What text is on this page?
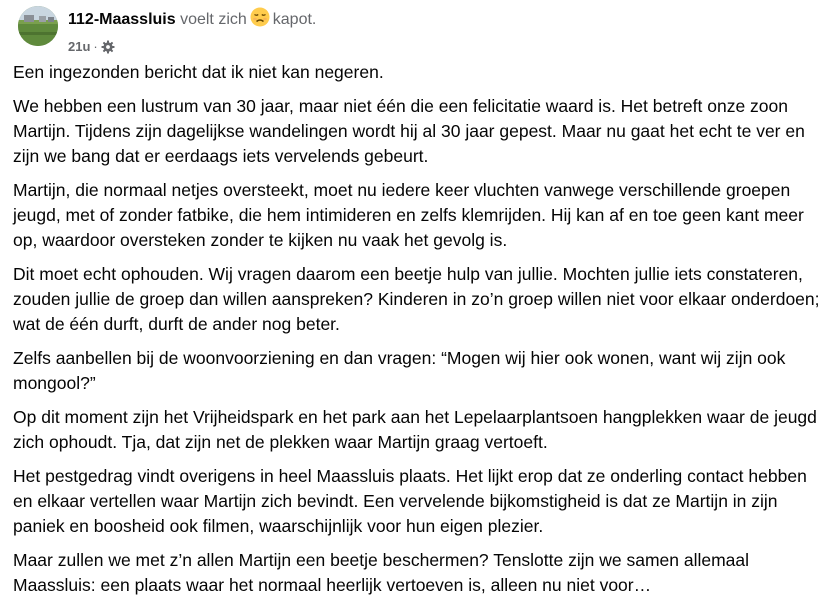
112-Maassluis voelt zich kapot.
21u ·

Een ingezonden bericht dat ik niet kan negeren.

We hebben een lustrum van 30 jaar, maar niet één die een felicitatie waard is. Het betreft onze zoon Martijn. Tijdens zijn dagelijkse wandelingen wordt hij al 30 jaar gepest. Maar nu gaat het echt te ver en zijn we bang dat er eerdaags iets vervelends gebeurt.

Martijn, die normaal netjes oversteekt, moet nu iedere keer vluchten vanwege verschillende groepen jeugd, met of zonder fatbike, die hem intimideren en zelfs klemrijden. Hij kan af en toe geen kant meer op, waardoor oversteken zonder te kijken nu vaak het gevolg is.

Dit moet echt ophouden. Wij vragen daarom een beetje hulp van jullie. Mochten jullie iets constateren, zouden jullie de groep dan willen aanspreken? Kinderen in zo’n groep willen niet voor elkaar onderdoen; wat de één durft, durft de ander nog beter.

Zelfs aanbellen bij de woonvoorziening en dan vragen: “Mogen wij hier ook wonen, want wij zijn ook mongool?”

Op dit moment zijn het Vrijheidspark en het park aan het Lepelaarplantsoen hangplekken waar de jeugd zich ophoudt. Tja, dat zijn net de plekken waar Martijn graag vertoeft.

Het pestgedrag vindt overigens in heel Maassluis plaats. Het lijkt erop dat ze onderling contact hebben en elkaar vertellen waar Martijn zich bevindt. Een vervelende bijkomstigheid is dat ze Martijn in zijn paniek en boosheid ook filmen, waarschijnlijk voor hun eigen plezier.

Maar zullen we met z’n allen Martijn een beetje beschermen? Tenslotte zijn we samen allemaal Maassluis: een plaats waar het normaal heerlijk vertoeven is, alleen nu niet voor…
